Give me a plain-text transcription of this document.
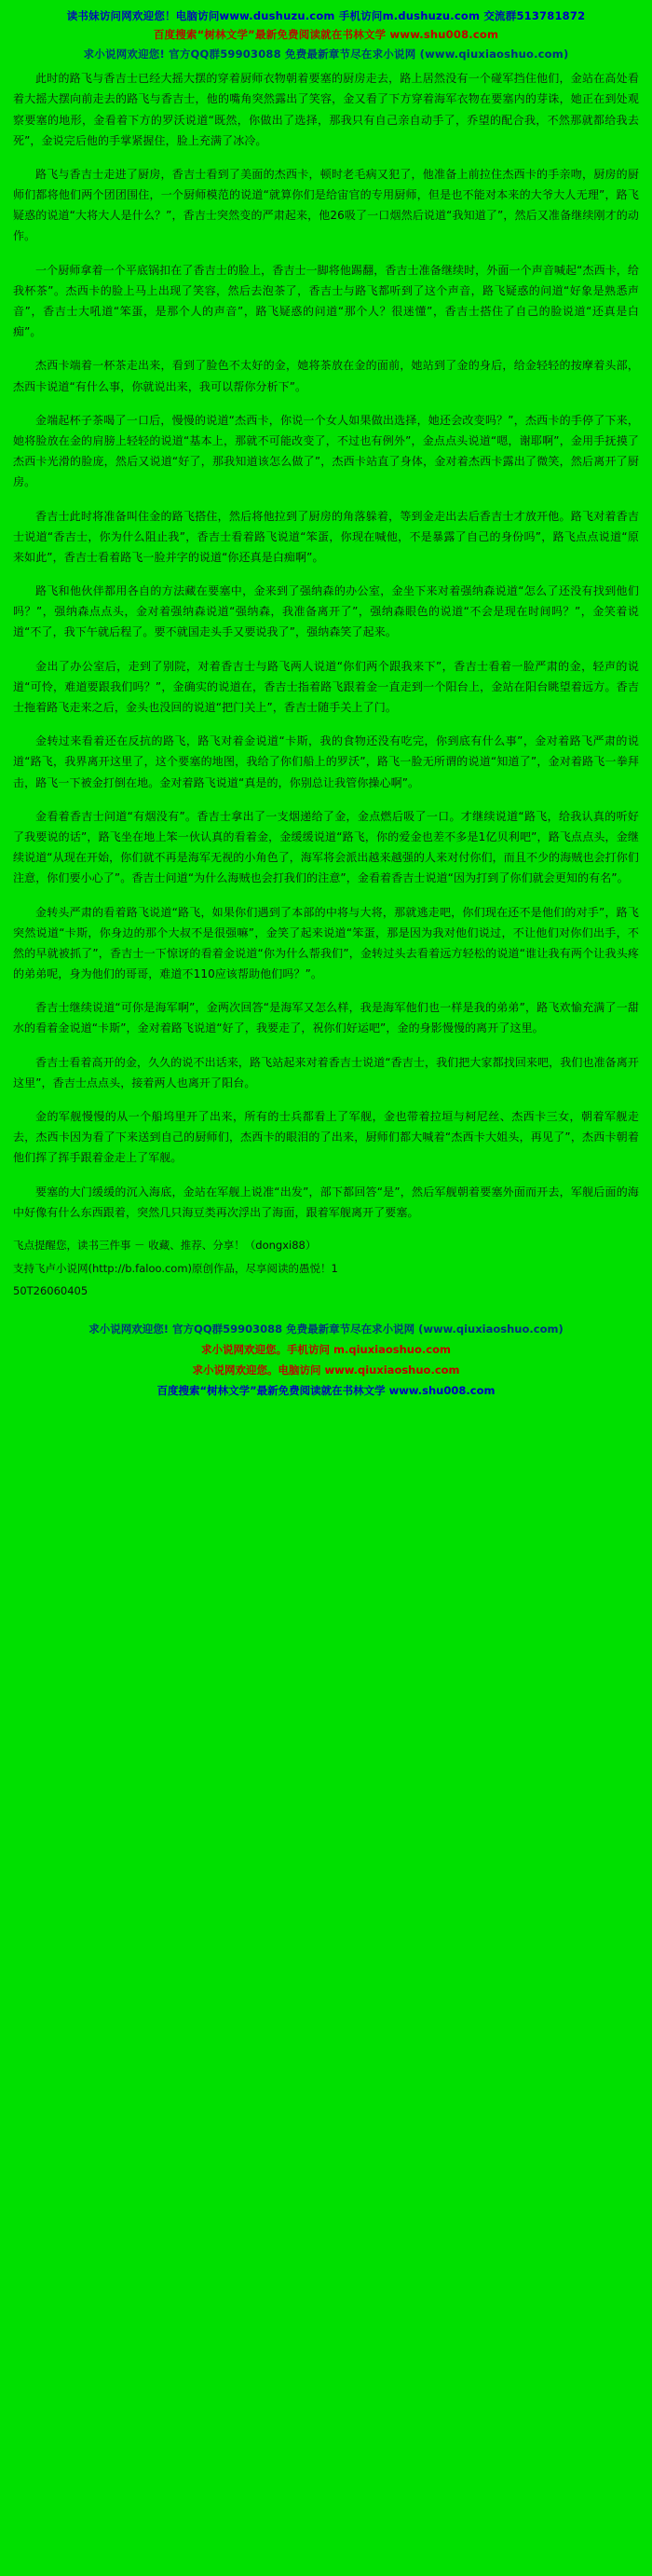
读书妹访问网欢迎您！电脑访问www.dushuzu.com 手机访问m.dushuzu.com 交流群513781872
百度搜索“树林文学”最新免费阅读就在书林文学 www.shu008.com
求小说网欢迎您! 官方QQ群59903088 免费最新章节尽在求小说网 (www.qiuxiaoshuo.com)

此时的路飞与香吉士已经大摇大摆的穿着厨师衣物朝着要塞的厨房走去，路上居然没有一个碰军挡住他们，金站在高处看着大摇大摆向前走去的路飞与香吉士，他的嘴角突然露出了笑容，金又看了下方穿着海军衣物在要塞内的芽诛，她正在到处观察要塞的地形，金看着下方的罗沃说道“既然，你做出了选择，那我只有自己亲自动手了，乔望的配合我，不然那就都给我去死”，金说完后他的手掌紧握住，脸上充满了冰冷。

路飞与香吉士走进了厨房，香吉士看到了美面的杰西卡，顿时老毛病又犯了，他准备上前拉住杰西卡的手亲吻，厨房的厨师们都将他们两个团团围住，一个厨师模范的说道“就算你们是给宙官的专用厨师，但是也不能对本来的大爷大人无理”，路飞疑惑的说道“大将大人是什么？”，香吉士突然变的严肃起来，他26吸了一口烟然后说道“我知道了”，然后又准备继续刚才的动作。

一个厨师拿着一个平底锅扣在了香吉士的脸上，香吉士一脚将他踢翻，香吉士准备继续时，外面一个声音喊起“杰西卡，给我杯茶”。杰西卡的脸上马上出现了笑容，然后去泡茶了，香吉士与路飞都听到了这个声音，路飞疑惑的问道“好象是熟悉声音”，香吉士大吼道“笨蛋，是那个人的声音”，路飞疑惑的问道“那个人？很迷懂”，香吉士搭住了自己的脸说道“还真是白痴”。

杰西卡端着一杯茶走出来，看到了脸色不太好的金，她将茶放在金的面前，她站到了金的身后，给金轻轻的按摩着头部，杰西卡说道“有什么事，你就说出来，我可以帮你分析下”。

金端起杯子茶喝了一口后，慢慢的说道“杰西卡，你说一个女人如果做出选择，她还会改变吗？”，杰西卡的手停了下来，她将脸放在金的肩膀上轻轻的说道“基本上，那就不可能改变了，不过也有例外”，金点点头说道“嗯，谢耶啊”，金用手抚摸了杰西卡光滑的脸庞，然后又说道“好了，那我知道该怎么做了”，杰西卡站直了身体，金对着杰西卡露出了微笑，然后离开了厨房。

香吉士此时将准备叫住金的路飞搭住，然后将他拉到了厨房的角落躲着，等到金走出去后香吉士才放开他。路飞对着香吉士说道“香吉士，你为什么阻止我”，香吉士看着路飞说道“笨蛋，你现在喊他，不是暴露了自己的身份吗”，路飞点点说道“原来如此”，香吉士看着路飞一脸并字的说道“你还真是白痴啊”。

路飞和他伙伴都用各自的方法藏在要塞中，金来到了强纳森的办公室，金坐下来对着强纳森说道“怎么了还没有找到他们吗？”，强纳森点点头，金对着强纳森说道“强纳森，我准备离开了”，强纳森眼色的说道“不会是现在时间吗？”，金笑着说道“不了，我下午就后程了。要不就国走头手又要说我了”，强纳森笑了起来。

金出了办公室后，走到了别院，对着香吉士与路飞两人说道“你们两个跟我来下”，香吉士看着一脸严肃的金，轻声的说道“可怜，难道要跟我们吗？”，金确实的说道在，香吉士指着路飞跟着金一直走到一个阳台上，金站在阳台眺望着远方。香吉士拖着路飞走来之后，金头也没回的说道“把门关上”，香吉士随手关上了门。

金转过来看着还在反抗的路飞，路飞对着金说道“卡斯，我的食物还没有吃完，你到底有什么事”，金对着路飞严肃的说道“路飞，我界离开这里了，这个要塞的地图，我给了你们船上的罗沃”，路飞一脸无所谓的说道“知道了”，金对着路飞一拳拜击，路飞一下被金打倒在地。金对着路飞说道“真是的，你别总让我管你操心啊”。

金看着香吉士问道“有烟没有”。香吉士拿出了一支烟递给了金，金点燃后吸了一口。才继续说道“路飞，给我认真的听好了我要说的话”，路飞坐在地上笨一伙认真的看着金，金缓缓说道“路飞，你的爱金也差不多是1亿贝利吧”，路飞点点头，金继续说道“从现在开始，你们就不再是海军无视的小角色了，海军将会派出越来越强的人来对付你们，而且不少的海贼也会打你们注意，你们要小心了”。香吉士问道“为什么海贼也会打我们的注意”，金看着香吉士说道“因为打到了你们就会更知的有名”。

金转头严肃的看着路飞说道“路飞，如果你们遇到了本部的中将与大将，那就逃走吧，你们现在还不是他们的对手”，路飞突然说道“卡斯，你身边的那个大叔不是很强嘛”，金笑了起来说道“笨蛋，那是因为我对他们说过，不让他们对你们出手，不然的早就被抓了”，香吉士一下惊讶的看着金说道“你为什么帮我们”，金转过头去看着远方轻松的说道“谁让我有两个让我头疼的弟弟呢，身为他们的哥哥，难道不110应该帮助他们吗？”。

香吉士继续说道“可你是海军啊”，金两次回答“是海军又怎么样，我是海军他们也一样是我的弟弟”，路飞欢愉充满了一甜水的看着金说道“卡斯”，金对着路飞说道“好了，我要走了，祝你们好运吧”，金的身影慢慢的离开了这里。

香吉士看着高开的金，久久的说不出话来，路飞站起来对着香吉士说道“香吉士，我们把大家都找回来吧，我们也准备离开这里”，香吉士点点头，接着两人也离开了阳台。

金的军舰慢慢的从一个船坞里开了出来，所有的士兵都看上了军舰，金也带着拉垣与柯尼丝、杰西卡三女，朝着军舰走去，杰西卡因为看了下来送到自己的厨师们，杰西卡的眼泪的了出来，厨师们都大喊着“杰西卡大姐头，再见了”，杰西卡朝着他们挥了挥手跟着金走上了军舰。

要塞的大门缓缓的沉入海底，金站在军舰上说准“出发”，部下都回答“是”，然后军舰朝着要塞外面而开去，军舰后面的海中好像有什么东西跟着，突然几只海豆类再次浮出了海面，跟着军舰离开了要塞。

飞点提醒您，读书三件事 － 收藏、推荐、分享！（dongxi88）
支持飞卢小说网(http://b.faloo.com)原创作品，尽享阅读的愚悦！1
50T26060405
求小说网欢迎您! 官方QQ群59903088 免费最新章节尽在求小说网 (www.qiuxiaoshuo.com)
求小说网欢迎您。手机访问 m.qiuxiaoshuo.com
求小说网欢迎您。电脑访问 www.qiuxiaoshuo.com
百度搜索“树林文学”最新免费阅读就在书林文学 www.shu008.com
